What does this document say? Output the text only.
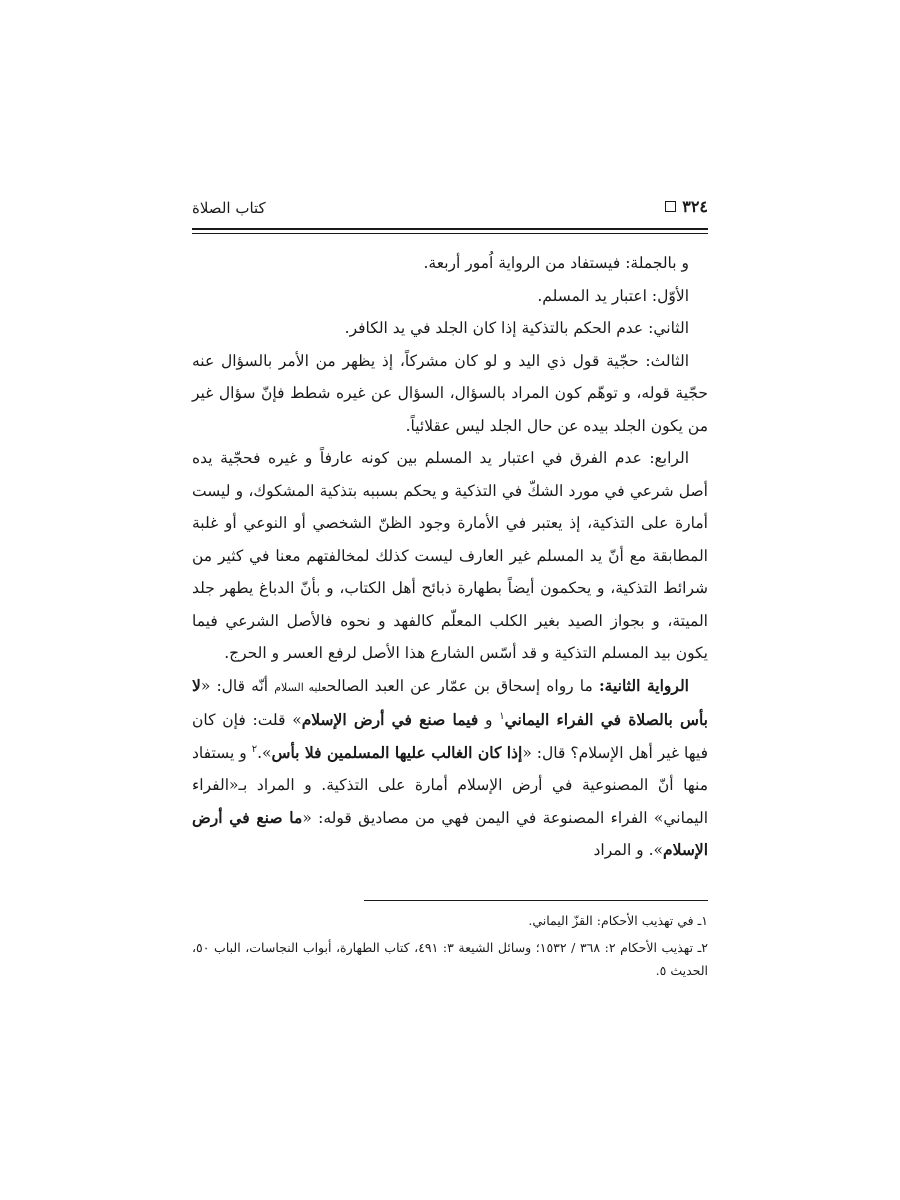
كتاب الصلاة	٣٢٤

و بالجملة: فيستفاد من الرواية اُمور أربعة.

الأوّل: اعتبار يد المسلم.

الثاني: عدم الحكم بالتذكية إذا كان الجلد في يد الكافر.

الثالث: حجّية قول ذي اليد و لو كان مشركاً، إذ يظهر من الأمر بالسؤال عنه حجّية قوله، و توهّم كون المراد بالسؤال، السؤال عن غيره شطط فإنّ سؤال غير من يكون الجلد بيده عن حال الجلد ليس عقلائياً.

الرابع: عدم الفرق في اعتبار يد المسلم بين كونه عارفاً و غيره فحجّية يده أصل شرعي في مورد الشكّ في التذكية و يحكم بسببه بتذكية المشكوك، و ليست أمارة على التذكية، إذ يعتبر في الأمارة وجود الظنّ الشخصي أو النوعي أو غلبة المطابقة مع أنّ يد المسلم غير العارف ليست كذلك لمخالفتهم معنا في كثير من شرائط التذكية، و يحكمون أيضاً بطهارة ذبائح أهل الكتاب، و بأنّ الدباغ يطهر جلد الميتة، و بجواز الصيد بغير الكلب المعلّم كالفهد و نحوه فالأصل الشرعي فيما يكون بيد المسلم التذكية و قد أسّس الشارع هذا الأصل لرفع العسر و الحرج.

الرواية الثانية: ما رواه إسحاق بن عمّار عن العبد الصالحعليه السلام أنّه قال: «لا بأس بالصلاة في الفراء اليماني$^١$ و فيما صنع في أرض الإسلام» قلت: فإن كان فيها غير أهل الإسلام؟ قال: «إذا كان الغالب عليها المسلمين فلا بأس».$^٢$ و يستفاد منها أنّ المصنوعية في أرض الإسلام أمارة على التذكية. و المراد بـ«الفراء اليماني» الفراء المصنوعة في اليمن فهي من مصاديق قوله: «ما صنع في أرض الإسلام». و المراد

١ـ في تهذيب الأحكام: القزّ اليماني.

٢ـ تهذيب الأحكام ٢: ٣٦٨ / ١٥٣٢؛ وسائل الشيعة ٣: ٤٩١، كتاب الطهارة، أبواب النجاسات، الباب ٥٠، الحديث ٥.
